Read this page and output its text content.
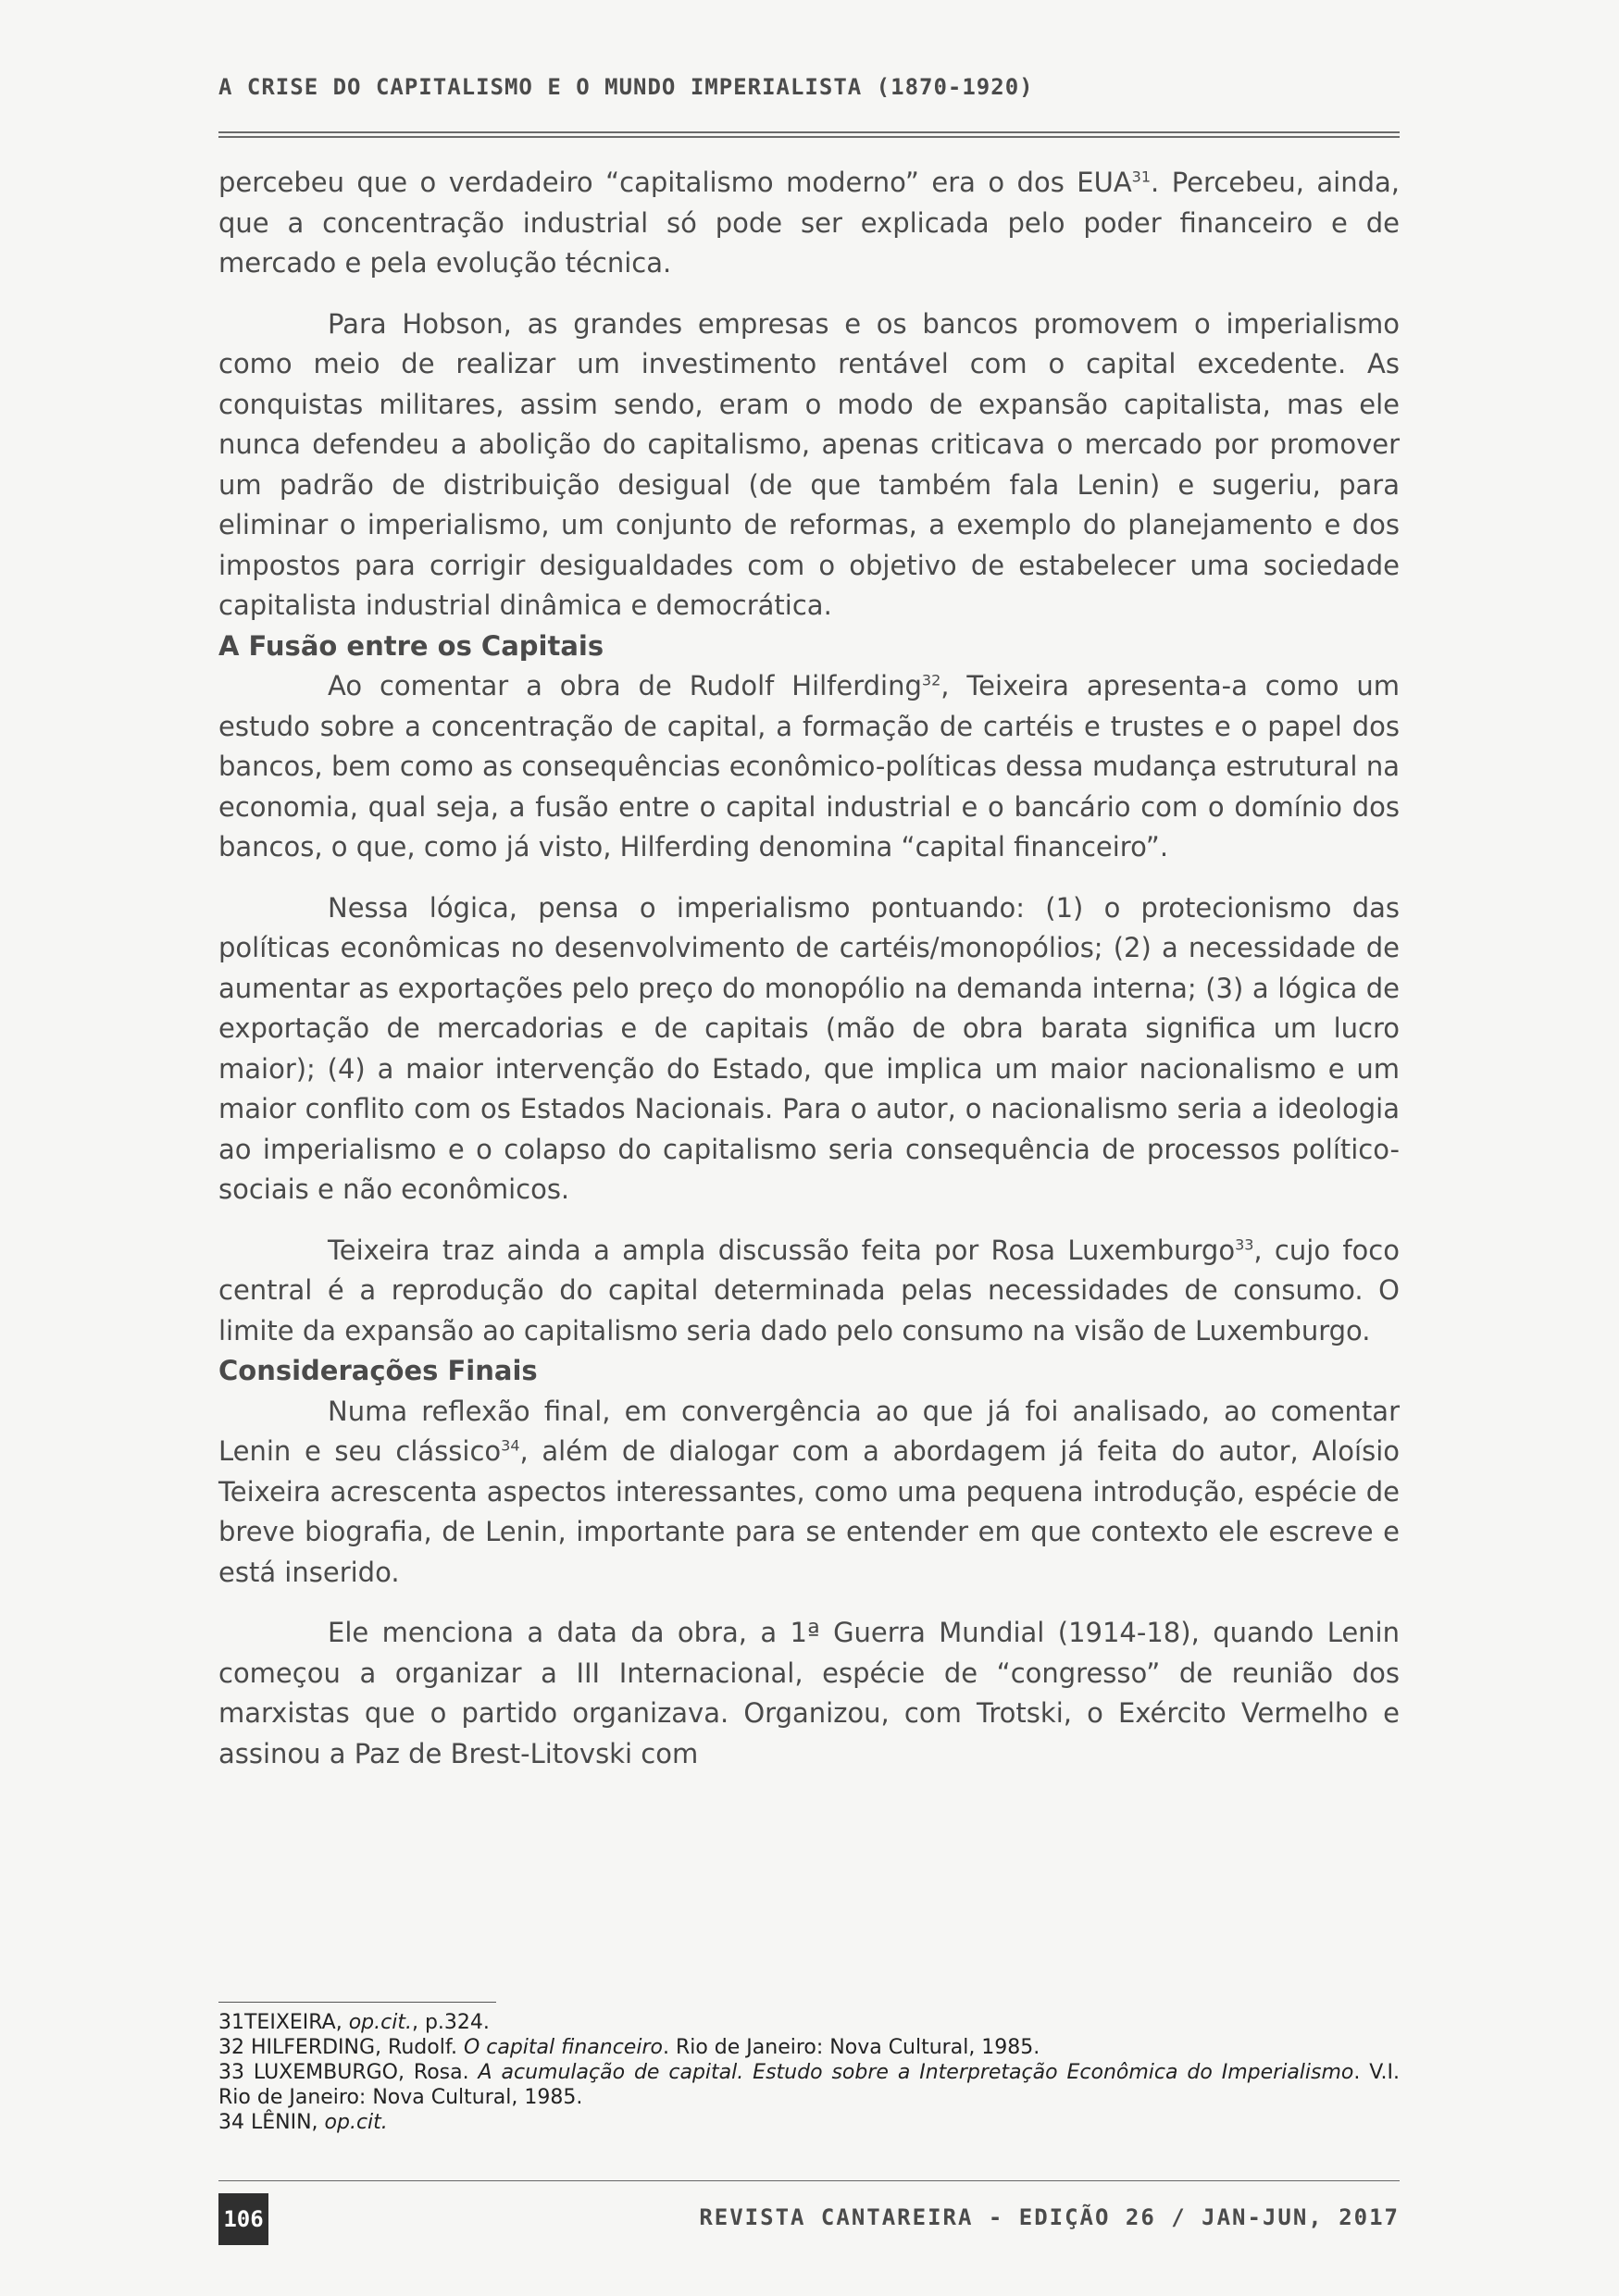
A CRISE DO CAPITALISMO E O MUNDO IMPERIALISTA (1870-1920)

percebeu que o verdadeiro “capitalismo moderno” era o dos EUA$^{31}$. Percebeu, ainda, que a concentração industrial só pode ser explicada pelo poder financeiro e de mercado e pela evolução técnica.

Para Hobson, as grandes empresas e os bancos promovem o imperialismo como meio de realizar um investimento rentável com o capital excedente. As conquistas militares, assim sendo, eram o modo de expansão capitalista, mas ele nunca defendeu a abolição do capitalismo, apenas criticava o mercado por promover um padrão de distribuição desigual (de que também fala Lenin) e sugeriu, para eliminar o imperialismo, um conjunto de reformas, a exemplo do planejamento e dos impostos para corrigir desigualdades com o objetivo de estabelecer uma sociedade capitalista industrial dinâmica e democrática.

A Fusão entre os Capitais

Ao comentar a obra de Rudolf Hilferding$^{32}$, Teixeira apresenta-a como um estudo sobre a concentração de capital, a formação de cartéis e trustes e o papel dos bancos, bem como as consequências econômico-políticas dessa mudança estrutural na economia, qual seja, a fusão entre o capital industrial e o bancário com o domínio dos bancos, o que, como já visto, Hilferding denomina “capital financeiro”.

Nessa lógica, pensa o imperialismo pontuando: (1) o protecionismo das políticas econômicas no desenvolvimento de cartéis/monopólios; (2) a necessidade de aumentar as exportações pelo preço do monopólio na demanda interna; (3) a lógica de exportação de mercadorias e de capitais (mão de obra barata significa um lucro maior); (4) a maior intervenção do Estado, que implica um maior nacionalismo e um maior conflito com os Estados Nacionais. Para o autor, o nacionalismo seria a ideologia ao imperialismo e o colapso do capitalismo seria consequência de processos político-sociais e não econômicos.

Teixeira traz ainda a ampla discussão feita por Rosa Luxemburgo$^{33}$, cujo foco central é a reprodução do capital determinada pelas necessidades de consumo. O limite da expansão ao capitalismo seria dado pelo consumo na visão de Luxemburgo.

Considerações Finais

Numa reflexão final, em convergência ao que já foi analisado, ao comentar Lenin e seu clássico$^{34}$, além de dialogar com a abordagem já feita do autor, Aloísio Teixeira acrescenta aspectos interessantes, como uma pequena introdução, espécie de breve biografia, de Lenin, importante para se entender em que contexto ele escreve e está inserido.

Ele menciona a data da obra, a 1ª Guerra Mundial (1914-18), quando Lenin começou a organizar a III Internacional, espécie de “congresso” de reunião dos marxistas que o partido organizava. Organizou, com Trotski, o Exército Vermelho e assinou a Paz de Brest-Litovski com

31TEIXEIRA, op.cit., p.324.

32 HILFERDING, Rudolf. O capital financeiro. Rio de Janeiro: Nova Cultural, 1985.

33 LUXEMBURGO, Rosa. A acumulação de capital. Estudo sobre a Interpretação Econômica do Imperialismo. V.I. Rio de Janeiro: Nova Cultural, 1985.

34 LÊNIN, op.cit.

106	REVISTA CANTAREIRA - EDIÇÃO 26 / JAN-JUN, 2017
